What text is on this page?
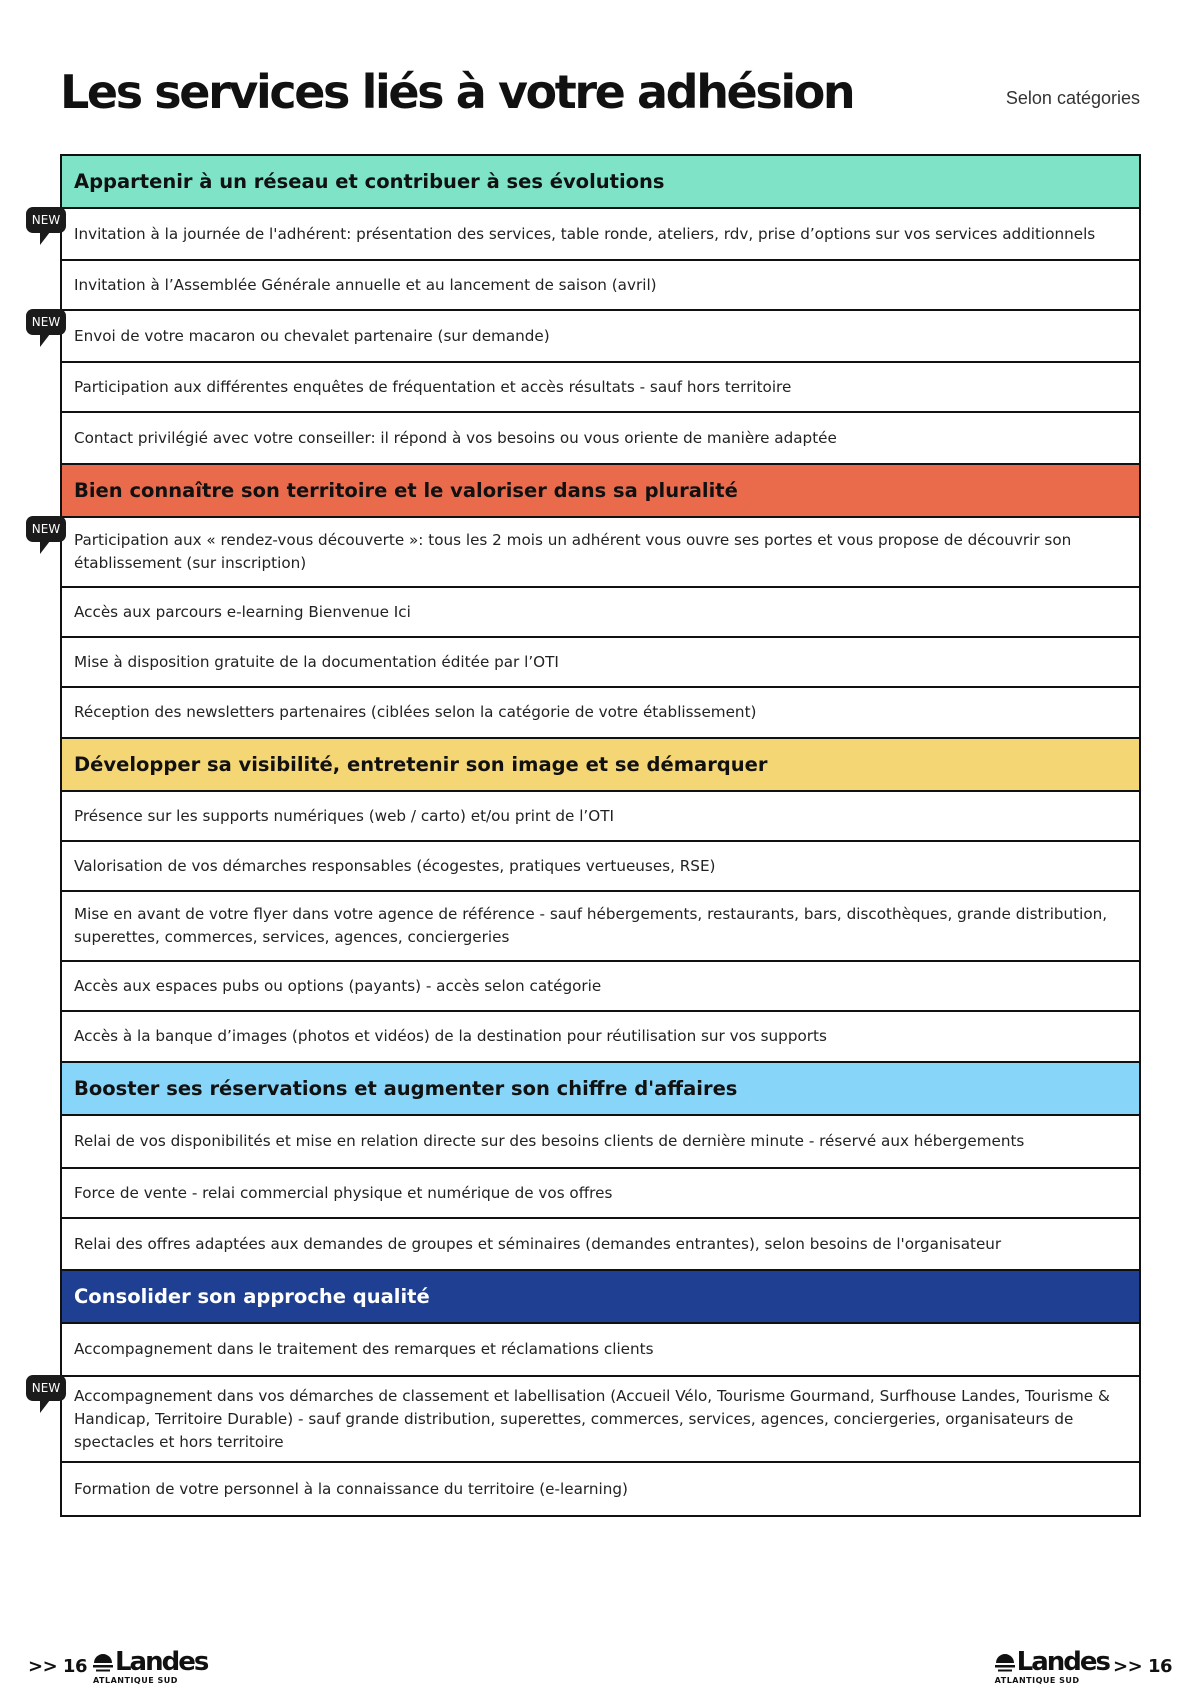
Les services liés à votre adhésion	Selon catégories
Appartenir à un réseau et contribuer à ses évolutions
Invitation à la journée de l'adhérent: présentation des services, table ronde, ateliers, rdv, prise d’options sur vos services additionnels
NEW
Invitation à l’Assemblée Générale annuelle et au lancement de saison (avril)
Envoi de votre macaron ou chevalet partenaire (sur demande)
NEW
Participation aux différentes enquêtes de fréquentation et accès résultats - sauf hors territoire
Contact privilégié avec votre conseiller: il répond à vos besoins ou vous oriente de manière adaptée
Bien connaître son territoire et le valoriser dans sa pluralité
Participation aux « rendez-vous découverte »: tous les 2 mois un adhérent vous ouvre ses portes et vous propose de découvrir son établissement (sur inscription)
NEW
Accès aux parcours e-learning Bienvenue Ici
Mise à disposition gratuite de la documentation éditée par l’OTI
Réception des newsletters partenaires (ciblées selon la catégorie de votre établissement)
Développer sa visibilité, entretenir son image et se démarquer
Présence sur les supports numériques (web / carto) et/ou print de l’OTI
Valorisation de vos démarches responsables (écogestes, pratiques vertueuses, RSE)
Mise en avant de votre flyer dans votre agence de référence - sauf hébergements, restaurants, bars, discothèques, grande distribution, superettes, commerces, services, agences, conciergeries
Accès aux espaces pubs ou options (payants) - accès selon catégorie
Accès à la banque d’images (photos et vidéos) de la destination pour réutilisation sur vos supports
Booster ses réservations et augmenter son chiffre d'affaires
Relai de vos disponibilités et mise en relation directe sur des besoins clients de dernière minute - réservé aux hébergements
Force de vente - relai commercial physique et numérique de vos offres
Relai des offres adaptées aux demandes de groupes et séminaires (demandes entrantes), selon besoins de l'organisateur
Consolider son approche qualité
Accompagnement dans le traitement des remarques et réclamations clients
Accompagnement dans vos démarches de classement et labellisation (Accueil Vélo, Tourisme Gourmand, Surfhouse Landes, Tourisme & Handicap, Territoire Durable) - sauf grande distribution, superettes, commerces, services, agences, conciergeries, organisateurs de spectacles et hors territoire
NEW
Formation de votre personnel à la connaissance du territoire (e-learning)
>> 16 Landes
ATLANTIQUE SUD
Landes
ATLANTIQUE SUD
>> 16
